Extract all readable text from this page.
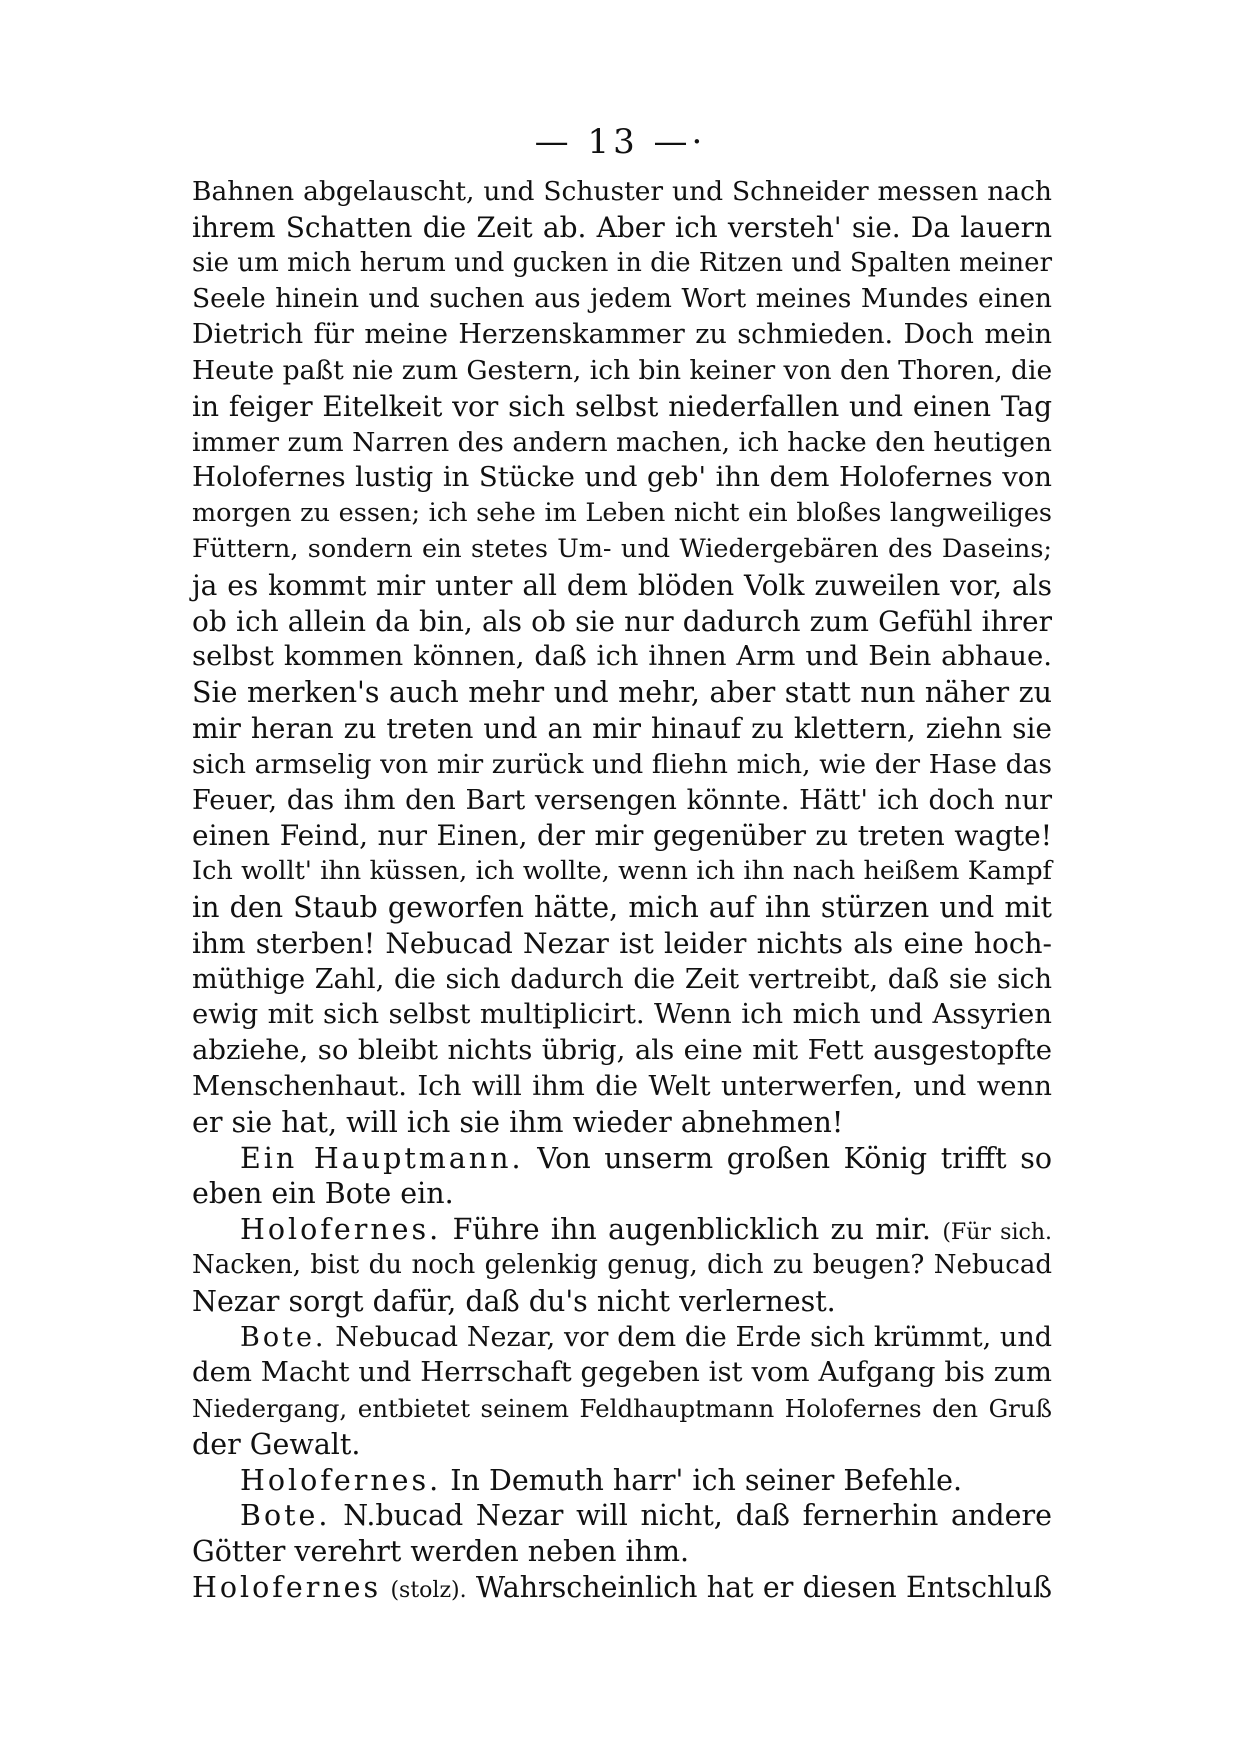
— 13 —·
Bahnen abgelauscht, und Schuster und Schneider messen nach
ihrem Schatten die Zeit ab. Aber ich versteh' sie. Da lauern
sie um mich herum und gucken in die Ritzen und Spalten meiner
Seele hinein und suchen aus jedem Wort meines Mundes einen
Dietrich für meine Herzenskammer zu schmieden. Doch mein
Heute paßt nie zum Gestern, ich bin keiner von den Thoren, die
in feiger Eitelkeit vor sich selbst niederfallen und einen Tag
immer zum Narren des andern machen, ich hacke den heutigen
Holofernes lustig in Stücke und geb' ihn dem Holofernes von
morgen zu essen; ich sehe im Leben nicht ein bloßes langweiliges
Füttern, sondern ein stetes Um- und Wiedergebären des Daseins;
ja es kommt mir unter all dem blöden Volk zuweilen vor, als
ob ich allein da bin, als ob sie nur dadurch zum Gefühl ihrer
selbst kommen können, daß ich ihnen Arm und Bein abhaue.
Sie merken's auch mehr und mehr, aber statt nun näher zu
mir heran zu treten und an mir hinauf zu klettern, ziehn sie
sich armselig von mir zurück und fliehn mich, wie der Hase das
Feuer, das ihm den Bart versengen könnte. Hätt' ich doch nur
einen Feind, nur Einen, der mir gegenüber zu treten wagte!
Ich wollt' ihn küssen, ich wollte, wenn ich ihn nach heißem Kampf
in den Staub geworfen hätte, mich auf ihn stürzen und mit
ihm sterben! Nebucad Nezar ist leider nichts als eine hoch-
müthige Zahl, die sich dadurch die Zeit vertreibt, daß sie sich
ewig mit sich selbst multiplicirt. Wenn ich mich und Assyrien
abziehe, so bleibt nichts übrig, als eine mit Fett ausgestopfte
Menschenhaut. Ich will ihm die Welt unterwerfen, und wenn
er sie hat, will ich sie ihm wieder abnehmen!
Ein Hauptmann. Von unserm großen König trifft so
eben ein Bote ein.
Holofernes. Führe ihn augenblicklich zu mir. (Für sich.
Nacken, bist du noch gelenkig genug, dich zu beugen? Nebucad
Nezar sorgt dafür, daß du's nicht verlernest.
Bote. Nebucad Nezar, vor dem die Erde sich krümmt, und
dem Macht und Herrschaft gegeben ist vom Aufgang bis zum
Niedergang, entbietet seinem Feldhauptmann Holofernes den Gruß
der Gewalt.
Holofernes. In Demuth harr' ich seiner Befehle.
Bote. N.bucad Nezar will nicht, daß fernerhin andere
Götter verehrt werden neben ihm.
Holofernes (stolz). Wahrscheinlich hat er diesen Entschluß
